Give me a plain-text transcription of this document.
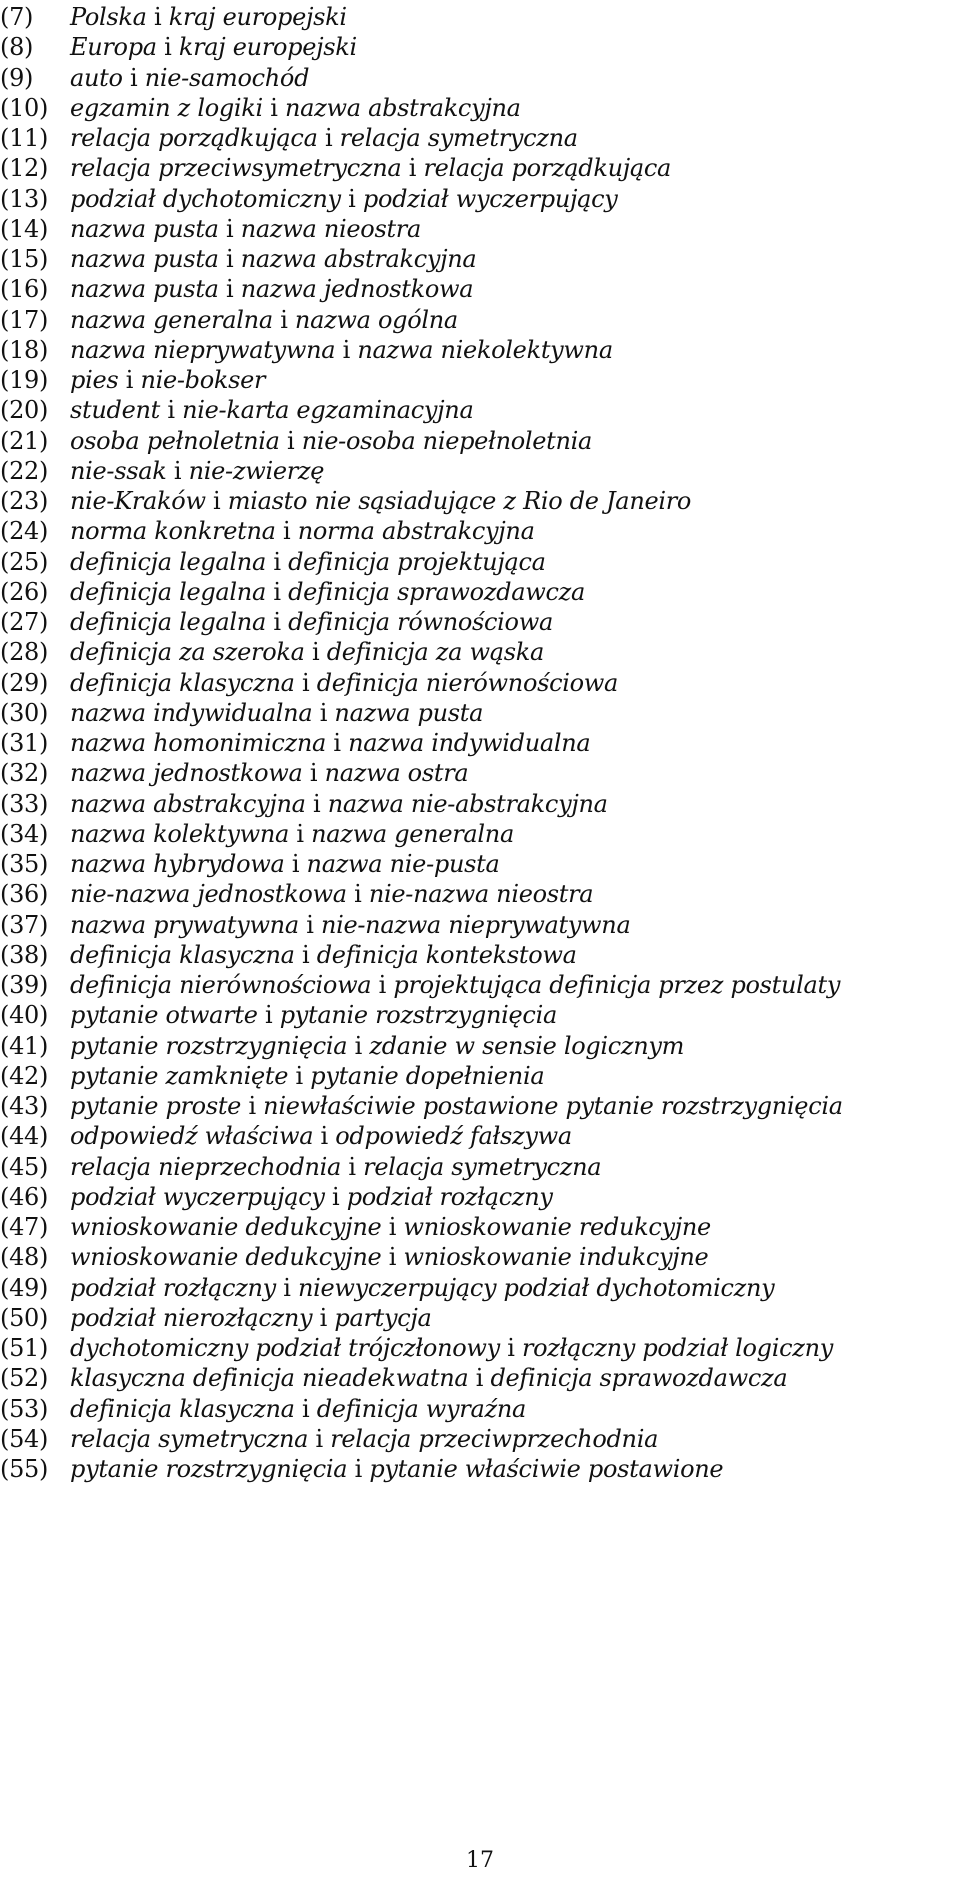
(7) Polska i kraj europejski
(8) Europa i kraj europejski
(9) auto i nie-samochód
(10) egzamin z logiki i nazwa abstrakcyjna
(11) relacja porządkująca i relacja symetryczna
(12) relacja przeciwsymetryczna i relacja porządkująca
(13) podział dychotomiczny i podział wyczerpujący
(14) nazwa pusta i nazwa nieostra
(15) nazwa pusta i nazwa abstrakcyjna
(16) nazwa pusta i nazwa jednostkowa
(17) nazwa generalna i nazwa ogólna
(18) nazwa nieprywatywna i nazwa niekolektywna
(19) pies i nie-bokser
(20) student i nie-karta egzaminacyjna
(21) osoba pełnoletnia i nie-osoba niepełnoletnia
(22) nie-ssak i nie-zwierzę
(23) nie-Kraków i miasto nie sąsiadujące z Rio de Janeiro
(24) norma konkretna i norma abstrakcyjna
(25) definicja legalna i definicja projektująca
(26) definicja legalna i definicja sprawozdawcza
(27) definicja legalna i definicja równościowa
(28) definicja za szeroka i definicja za wąska
(29) definicja klasyczna i definicja nierównościowa
(30) nazwa indywidualna i nazwa pusta
(31) nazwa homonimiczna i nazwa indywidualna
(32) nazwa jednostkowa i nazwa ostra
(33) nazwa abstrakcyjna i nazwa nie-abstrakcyjna
(34) nazwa kolektywna i nazwa generalna
(35) nazwa hybrydowa i nazwa nie-pusta
(36) nie-nazwa jednostkowa i nie-nazwa nieostra
(37) nazwa prywatywna i nie-nazwa nieprywatywna
(38) definicja klasyczna i definicja kontekstowa
(39) definicja nierównościowa i projektująca definicja przez postulaty
(40) pytanie otwarte i pytanie rozstrzygnięcia
(41) pytanie rozstrzygnięcia i zdanie w sensie logicznym
(42) pytanie zamknięte i pytanie dopełnienia
(43) pytanie proste i niewłaściwie postawione pytanie rozstrzygnięcia
(44) odpowiedź właściwa i odpowiedź fałszywa
(45) relacja nieprzechodnia i relacja symetryczna
(46) podział wyczerpujący i podział rozłączny
(47) wnioskowanie dedukcyjne i wnioskowanie redukcyjne
(48) wnioskowanie dedukcyjne i wnioskowanie indukcyjne
(49) podział rozłączny i niewyczerpujący podział dychotomiczny
(50) podział nierozłączny i partycja
(51) dychotomiczny podział trójczłonowy i rozłączny podział logiczny
(52) klasyczna definicja nieadekwatna i definicja sprawozdawcza
(53) definicja klasyczna i definicja wyraźna
(54) relacja symetryczna i relacja przeciwprzechodnia
(55) pytanie rozstrzygnięcia i pytanie właściwie postawione
17
